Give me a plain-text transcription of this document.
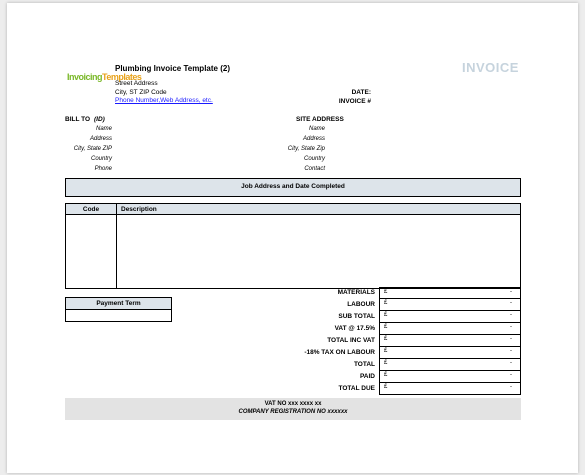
InvoicingTemplates
INVOICE
Plumbing Invoice Template (2)
Street Address
City, ST ZIP Code
Phone Number,Web Address, etc.
DATE:
INVOICE #
BILL TO (ID)	SITE ADDRESS
Name
Address
City, State ZIP
Country
Phone
Name
Address
City, State Zip
Country
Contact
Job Address and Date Completed
Code	Description
Payment Term
MATERIALS £	-
LABOUR £	-
SUB TOTAL £	-
VAT @ 17.5% £	-
TOTAL INC VAT £	-
-18% TAX ON LABOUR £	-
TOTAL £	-
PAID £	-
TOTAL DUE £	-
VAT NO xxx xxxx xx
COMPANY REGISTRATION NO xxxxxx
